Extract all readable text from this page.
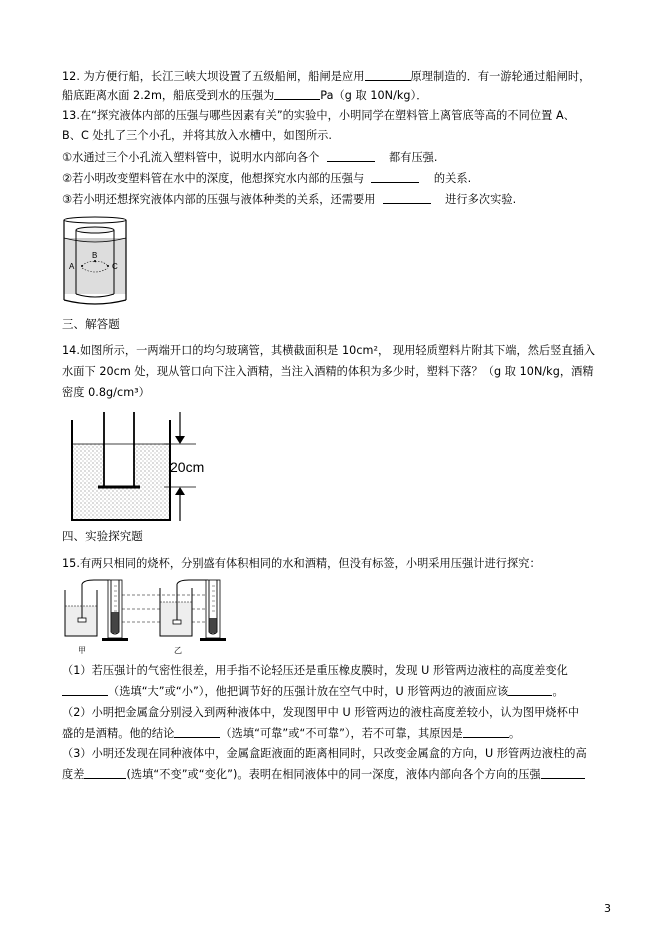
12. 为方便行船，长江三峡大坝设置了五级船闸，船闸是应用	原理制造的．有一游轮通过船闸时，
船底距离水面 2.2m，船底受到水的压强为	Pa（g 取 10N/kg）．
13.在“探究液体内部的压强与哪些因素有关”的实验中，小明同学在塑料管上离管底等高的不同位置 A、
B、C 处扎了三个小孔，并将其放入水槽中，如图所示.
①水通过三个小孔流入塑料管中，说明水内部向各个	都有压强.
②若小明改变塑料管在水中的深度，他想探究水内部的压强与	的关系.
③若小明还想探究液体内部的压强与液体种类的关系，还需要用	进行多次实验.
A
B
C
三、解答题
14.如图所示，一两端开口的均匀玻璃管，其横截面积是 10cm²， 现用轻质塑料片附其下端，然后竖直插入
水面下 20cm 处，现从管口向下注入酒精，当注入酒精的体积为多少时，塑料下落？（g 取 10N/kg，酒精
密度 0.8g/cm³）
20cm
四、实验探究题
15.有两只相同的烧杯，分别盛有体积相同的水和酒精，但没有标签，小明采用压强计进行探究：
甲	乙
（1）若压强计的气密性很差，用手指不论轻压还是重压橡皮膜时，发现 U 形管两边液柱的高度差变化
（选填“大”或“小”），他把调节好的压强计放在空气中时，U 形管两边的液面应该	。
（2）小明把金属盒分别浸入到两种液体中，发现图甲中 U 形管两边的液柱高度差较小，认为图甲烧杯中
盛的是酒精。他的结论	（选填“可靠”或“不可靠”），若不可靠，其原因是	。
（3）小明还发现在同种液体中，金属盒距液面的距离相同时，只改变金属盒的方向，U 形管两边液柱的高
度差	(选填“不变”或“变化”)。表明在相同液体中的同一深度，液体内部向各个方向的压强
3
